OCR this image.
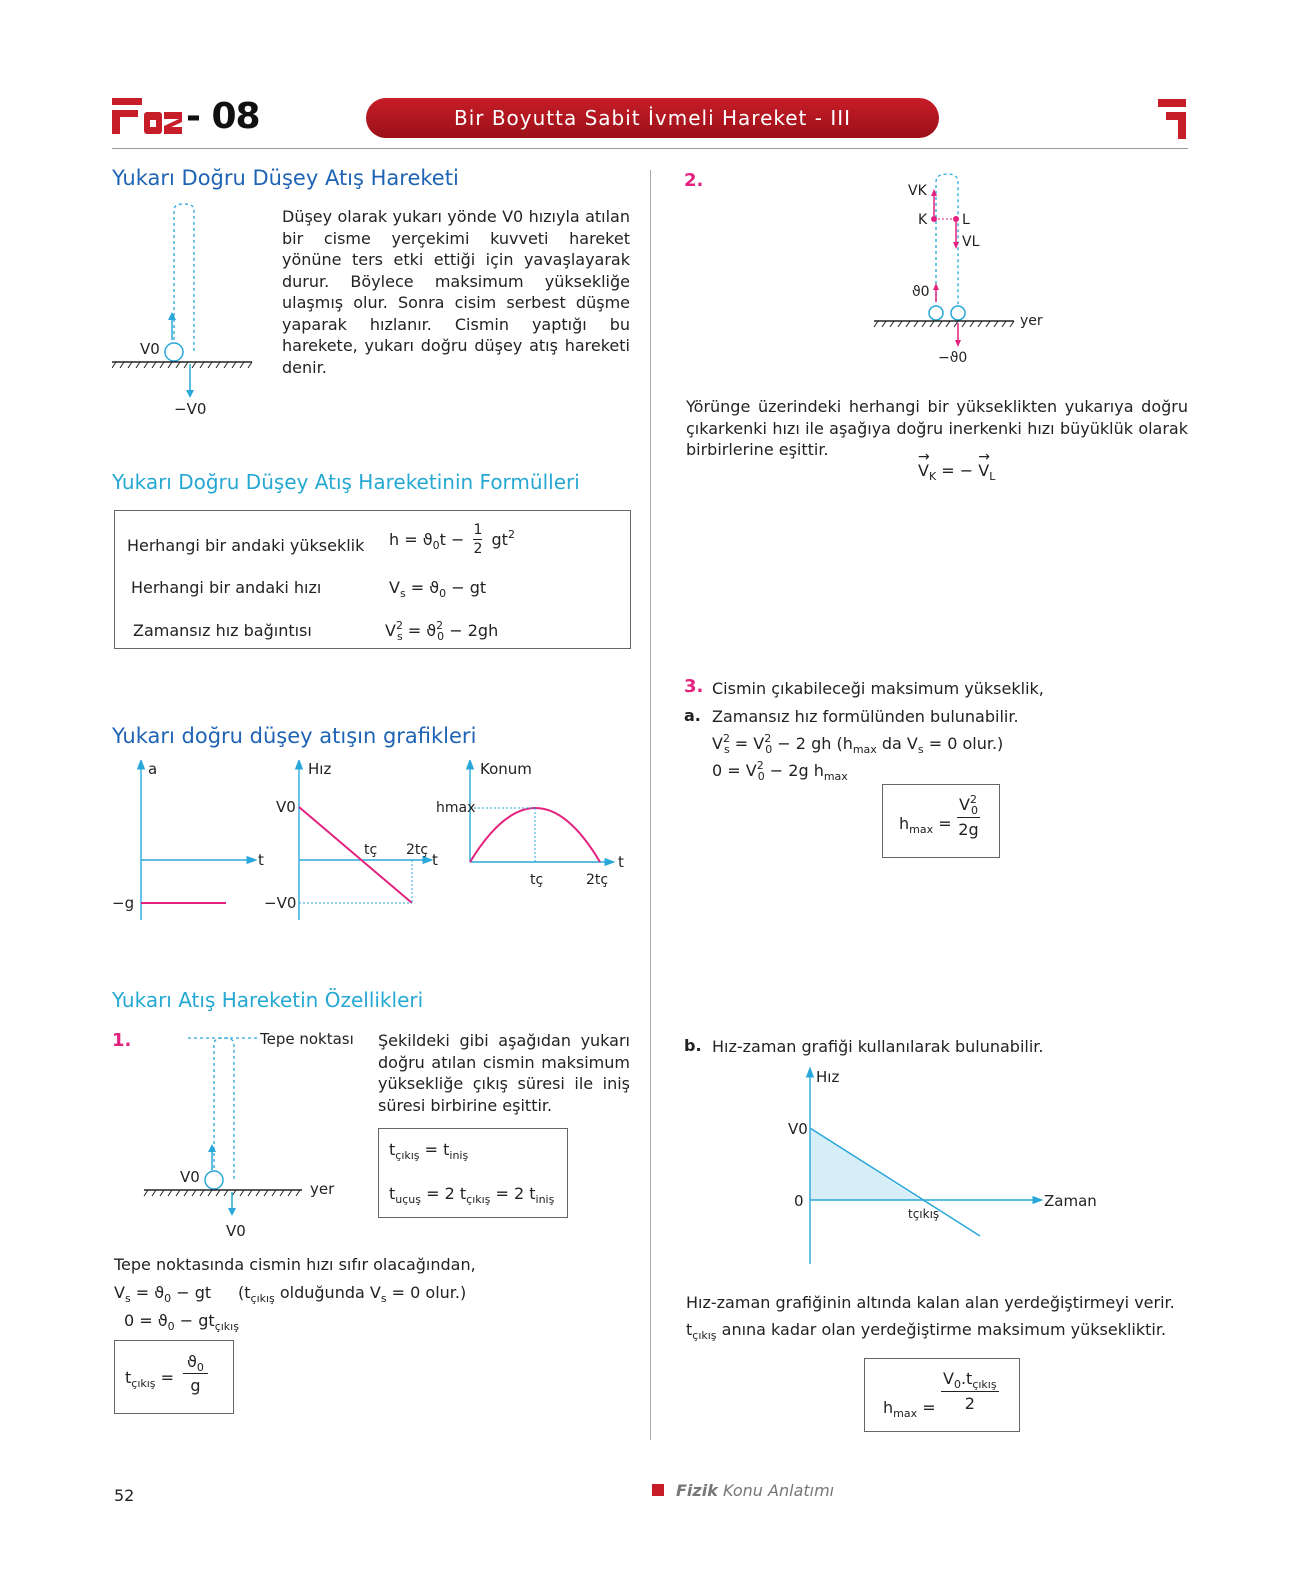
- 08	Bir Boyutta Sabit İvmeli Hareket - III
Yukarı Doğru Düşey Atış Hareketi
V0
−V0
Düşey olarak yukarı yönde V0 hızıyla atılan bir cisme yerçekimi kuvveti hareket yönüne ters etki ettiği için yavaşlayarak durur. Böylece maksimum yüksekliğe ulaşmış olur. Sonra cisim serbest düşme yaparak hızlanır. Cismin yaptığı bu harekete, yukarı doğru düşey atış hareketi denir.
Yukarı Doğru Düşey Atış Hareketinin Formülleri
Herhangi bir andaki yükseklik $h = ϑ_0t - \frac{1}{2} gt^2$
Herhangi bir andaki hızı	$V_s = ϑ_0$ − gt
Zamansız hız bağıntısı	$V^2_s = ϑ^2_0 - 2gh$
Yukarı doğru düşey atışın grafikleri
a
t
−g
Hız
t
V0
−V0
tç 2tç
Konum
t
hmax
tç	2tç
Yukarı Atış Hareketin Özellikleri
1.	Tepe noktası
yer
V0
V0
Şekildeki gibi aşağıdan yukarı doğru atılan cismin maksimum yüksekliğe çıkış süresi ile iniş süresi birbirine eşittir.
$t_{çıkış} = t_{iniş}$
$t_{uçuş} = 2$ $t_{çıkış} = 2$ $t_{iniş}$
Tepe noktasında cismin hızı sıfır olacağından,
$V_s = ϑ_0$ − gt ($t_{çıkış}$ olduğunda $V_s = 0$ olur.)
$0 = ϑ_0 - gt_{çıkış}$
$t_{çıkış}$ =
$ϑ_0$
g
52
2.	VK
K L
VL
ϑ0
yer
−ϑ0
Yörünge üzerindeki herhangi bir yükseklikten yukarıya doğru çıkarkenki hızı ile aşağıya doğru inerkenki hızı büyüklük olarak birbirlerine eşittir.
$V_K$
→
= − $V_L$
→
3. Cismin çıkabileceği maksimum yükseklik,
a. Zamansız hız formülünden bulunabilir.
$V^2_s = V^2_0 - 2$ gh ($h_{max}$ da $V_s = 0$ olur.)
$0 = V^2_0 - 2g$ $h_{max}$
$h_{max}$ =
$V^2_0$
2g
b. Hız-zaman grafiği kullanılarak bulunabilir.
Hız
Zaman
V0
0
tçıkış
Hız-zaman grafiğinin altında kalan alan yerdeğiştirmeyi verir.
$t_{çıkış}$ anına kadar olan yerdeğiştirme maksimum yüksekliktir.
$h_{max}$ =
$V_0.t_{çıkış}$
2
Fizik Konu Anlatımı
